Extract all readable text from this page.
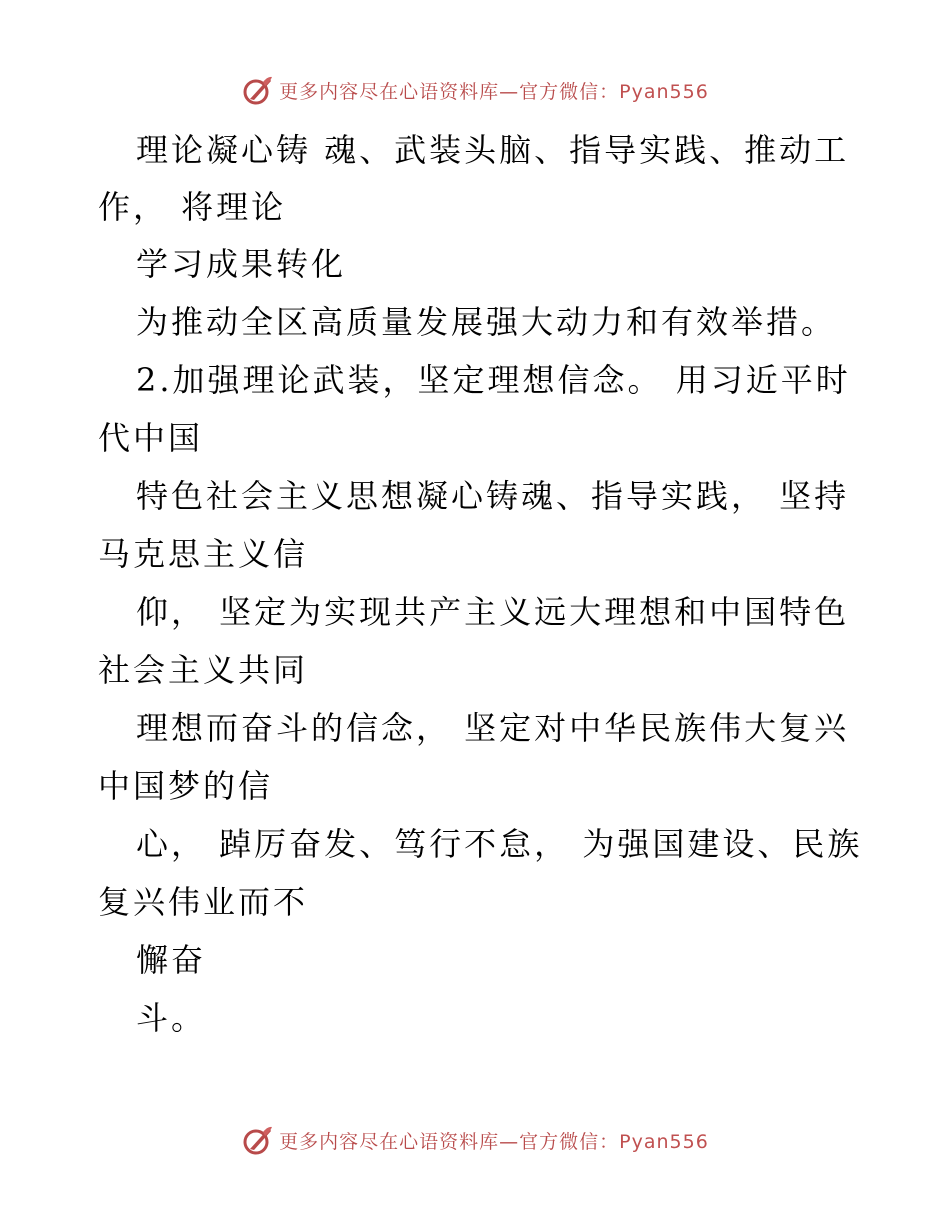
更多内容尽在心语资料库—官方微信：Pyan556
理论凝心铸 魂、武装头脑、指导实践、推动工
作， 将理论
学习成果转化
为推动全区高质量发展强大动力和有效举措。
2.加强理论武装，坚定理想信念。 用习近平时
代中国
特色社会主义思想凝心铸魂、指导实践， 坚持
马克思主义信
仰， 坚定为实现共产主义远大理想和中国特色
社会主义共同
理想而奋斗的信念， 坚定对中华民族伟大复兴
中国梦的信
心， 踔厉奋发、笃行不怠， 为强国建设、民族
复兴伟业而不
懈奋
斗。
更多内容尽在心语资料库—官方微信：Pyan556
